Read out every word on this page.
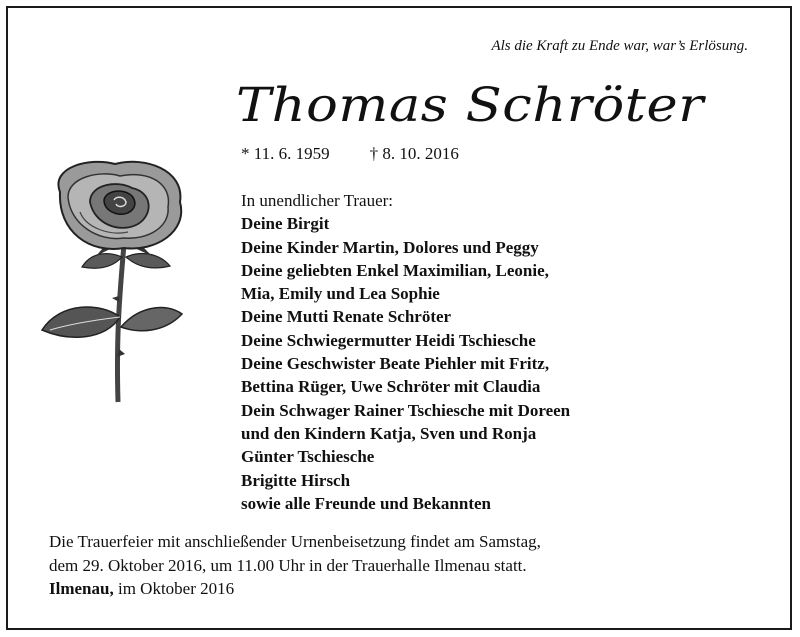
Als die Kraft zu Ende war, war’s Erlösung.
Thomas Schröter
* 11. 6. 1959 † 8. 10. 2016
In unendlicher Trauer:
Deine Birgit
Deine Kinder Martin, Dolores und Peggy
Deine geliebten Enkel Maximilian, Leonie,
Mia, Emily und Lea Sophie
Deine Mutti Renate Schröter
Deine Schwiegermutter Heidi Tschiesche
Deine Geschwister Beate Piehler mit Fritz,
Bettina Rüger, Uwe Schröter mit Claudia
Dein Schwager Rainer Tschiesche mit Doreen
und den Kindern Katja, Sven und Ronja
Günter Tschiesche
Brigitte Hirsch
sowie alle Freunde und Bekannten
Die Trauerfeier mit anschließender Urnenbeisetzung findet am Samstag,
dem 29. Oktober 2016, um 11.00 Uhr in der Trauerhalle Ilmenau statt.
Ilmenau, im Oktober 2016
